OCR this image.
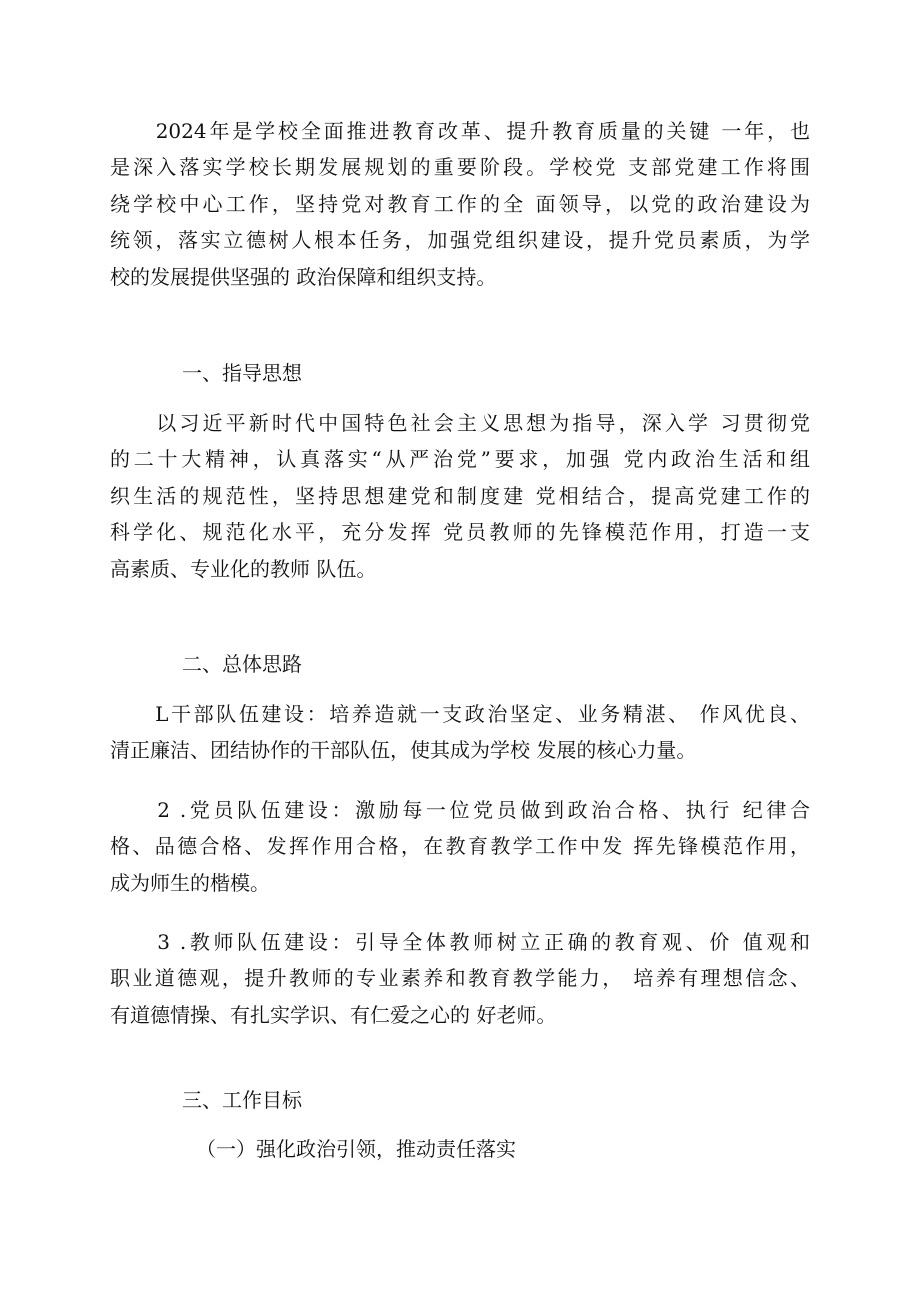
　　2024年是学校全面推进教育改革、提升教育质量的关键 一年，也
是深入落实学校长期发展规划的重要阶段。学校党 支部党建工作将围
绕学校中心工作，坚持党对教育工作的全 面领导，以党的政治建设为
统领，落实立德树人根本任务，加强党组织建设，提升党员素质，为学
校的发展提供坚强的 政治保障和组织支持。

一、指导思想

　　以习近平新时代中国特色社会主义思想为指导，深入学 习贯彻党
的二十大精神，认真落实“从严治党”要求，加强 党内政治生活和组
织生活的规范性，坚持思想建党和制度建 党相结合，提高党建工作的
科学化、规范化水平，充分发挥 党员教师的先锋模范作用，打造一支
高素质、专业化的教师 队伍。

二、总体思路

　　L干部队伍建设：培养造就一支政治坚定、业务精湛、 作风优良、
清正廉洁、团结协作的干部队伍，使其成为学校 发展的核心力量。

　　2 .党员队伍建设：激励每一位党员做到政治合格、执行 纪律合
格、品德合格、发挥作用合格，在教育教学工作中发 挥先锋模范作用，
成为师生的楷模。

　　3 .教师队伍建设：引导全体教师树立正确的教育观、价 值观和
职业道德观，提升教师的专业素养和教育教学能力， 培养有理想信念、
有道德情操、有扎实学识、有仁爱之心的 好老师。

三、工作目标

（一）强化政治引领，推动责任落实
